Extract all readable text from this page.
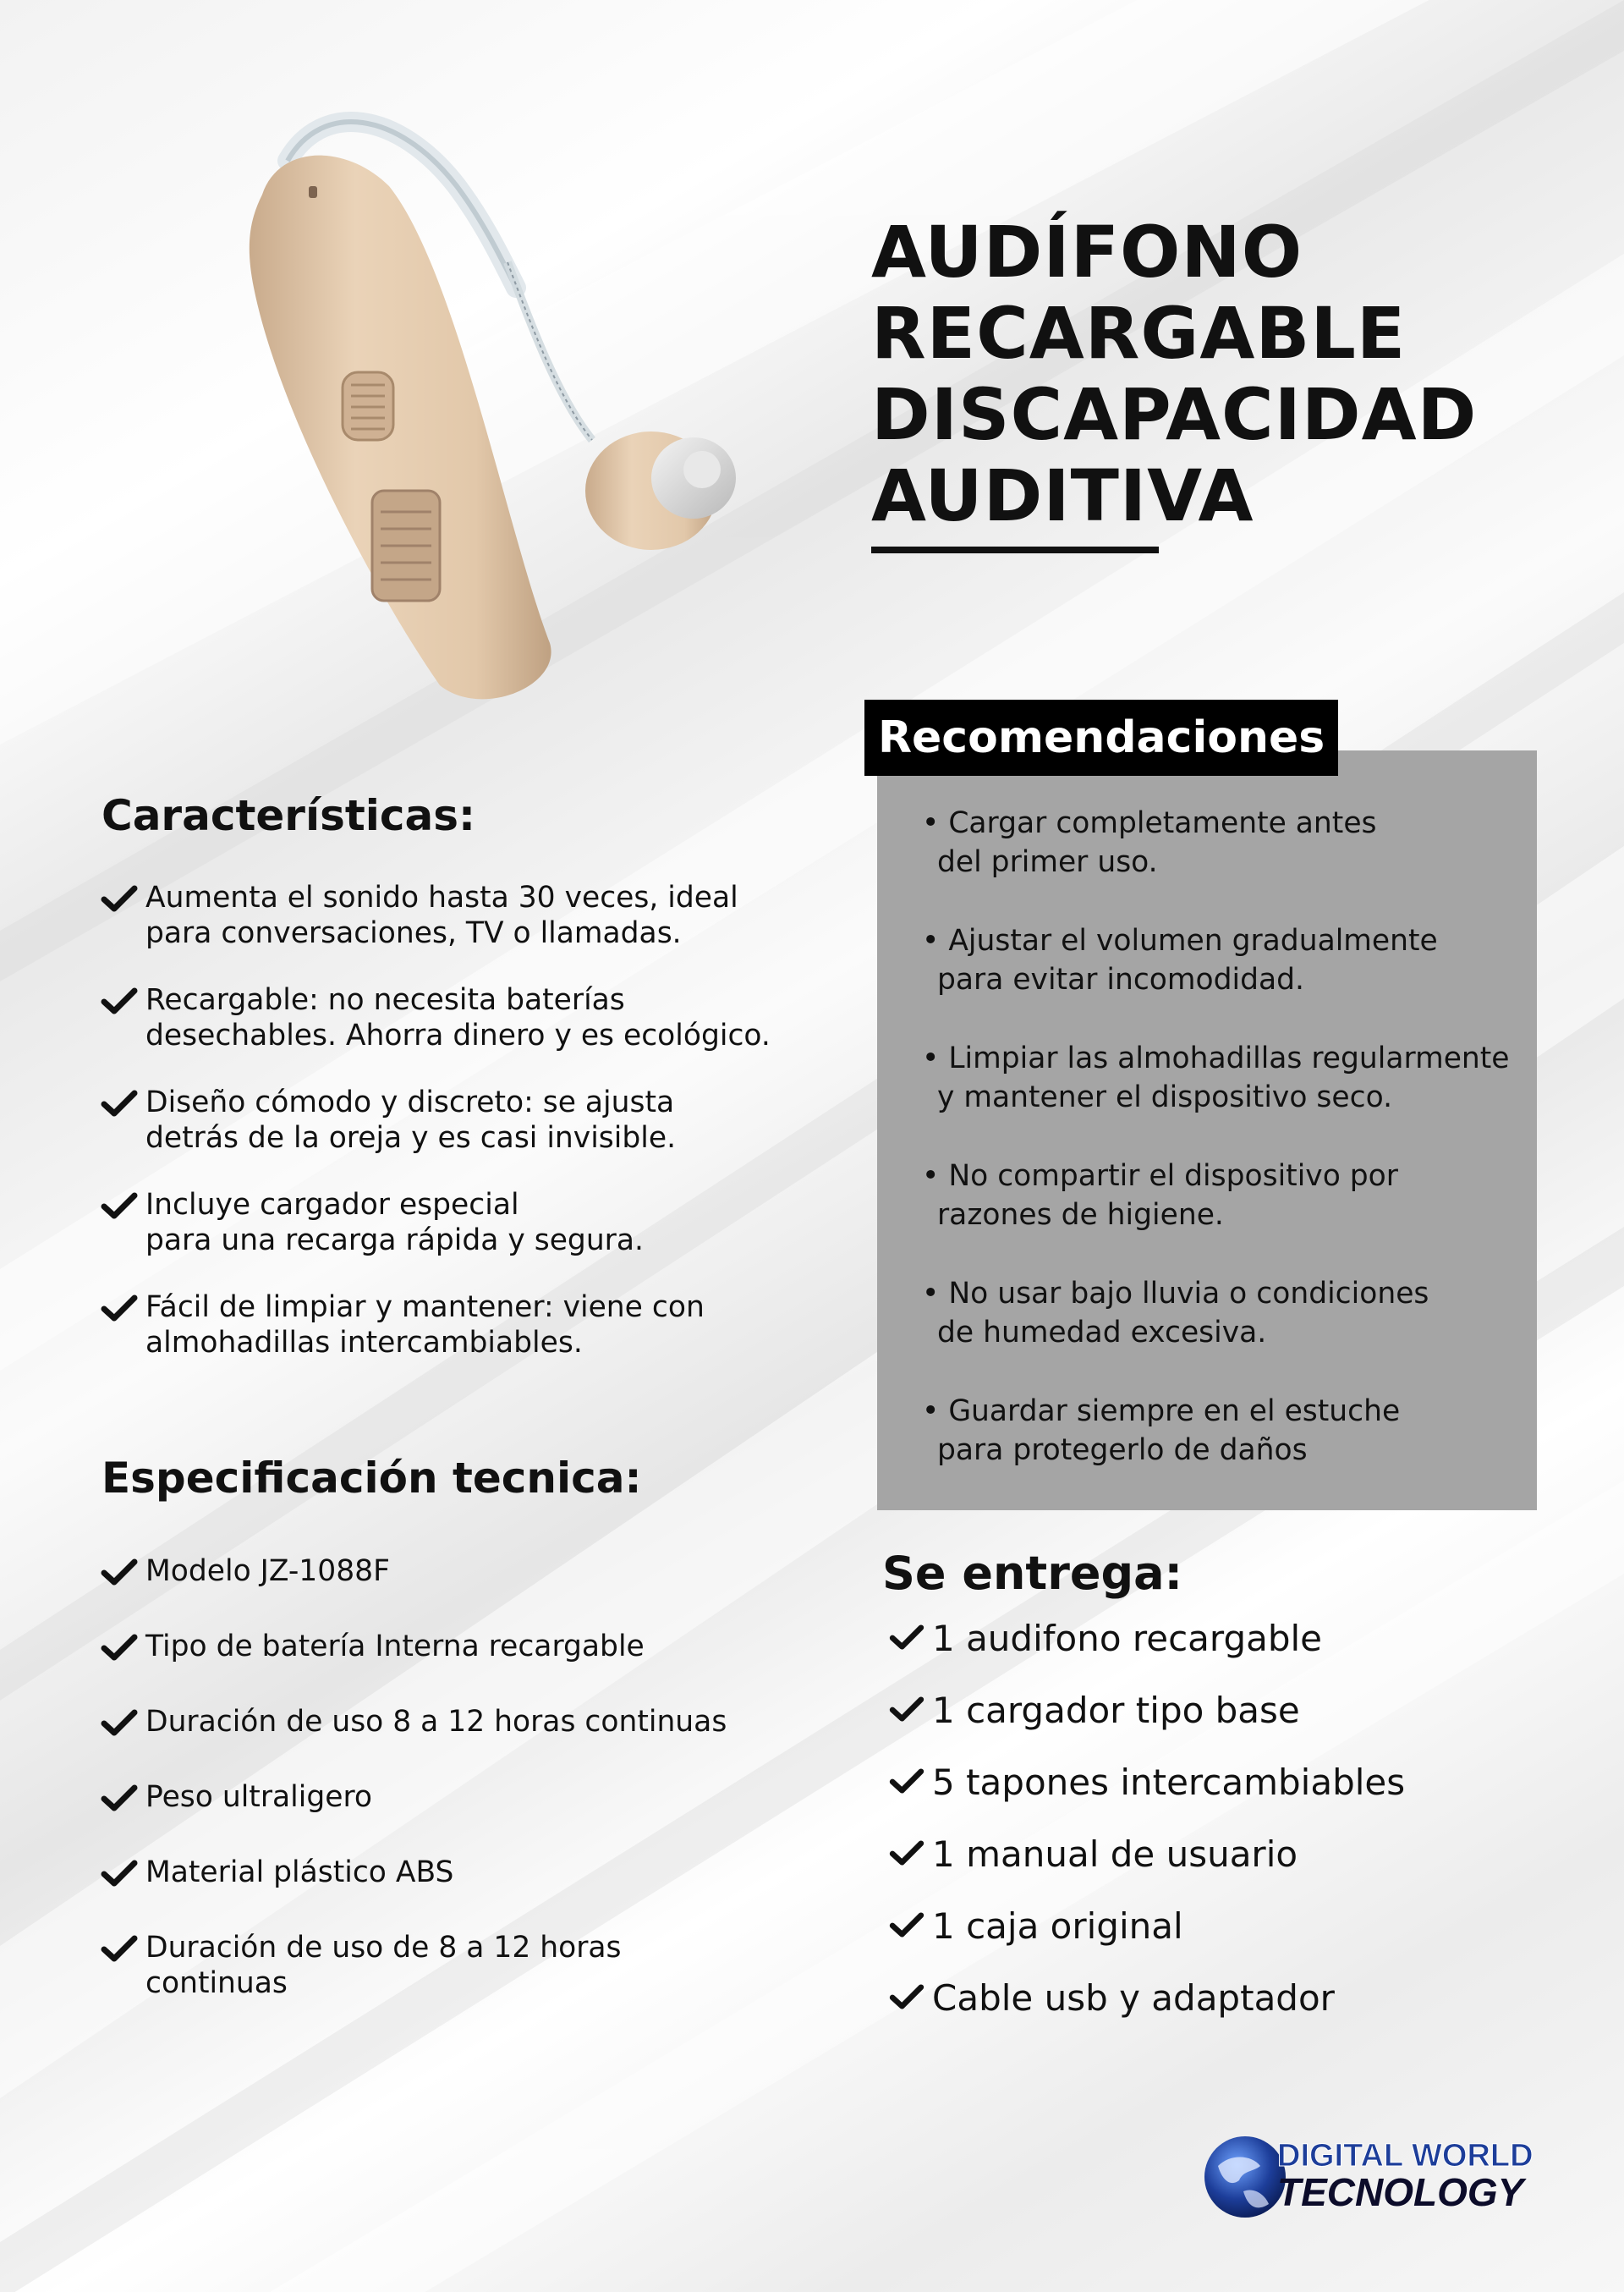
AUDÍFONO
RECARGABLE
DISCAPACIDAD
AUDITIVA
Características:
Aumenta el sonido hasta 30 veces, ideal
para conversaciones, TV o llamadas.
Recargable: no necesita baterías
desechables. Ahorra dinero y es ecológico.
Diseño cómodo y discreto: se ajusta
detrás de la oreja y es casi invisible.
Incluye cargador especial
para una recarga rápida y segura.
Fácil de limpiar y mantener: viene con
almohadillas intercambiables.
Especificación tecnica:
Modelo JZ-1088F
Tipo de batería Interna recargable
Duración de uso 8 a 12 horas continuas
Peso ultraligero
Material plástico ABS
Duración de uso de 8 a 12 horas continuas
Recomendaciones
• Cargar completamente antes
del primer uso.
• Ajustar el volumen gradualmente
para evitar incomodidad.
• Limpiar las almohadillas regularmente
y mantener el dispositivo seco.
• No compartir el dispositivo por
razones de higiene.
• No usar bajo lluvia o condiciones
de humedad excesiva.
• Guardar siempre en el estuche
para protegerlo de daños
Se entrega:
1 audifono recargable
1 cargador tipo base
5 tapones intercambiables
1 manual de usuario
1 caja original
Cable usb y adaptador
DIGITAL WORLD
TECNOLOGY
